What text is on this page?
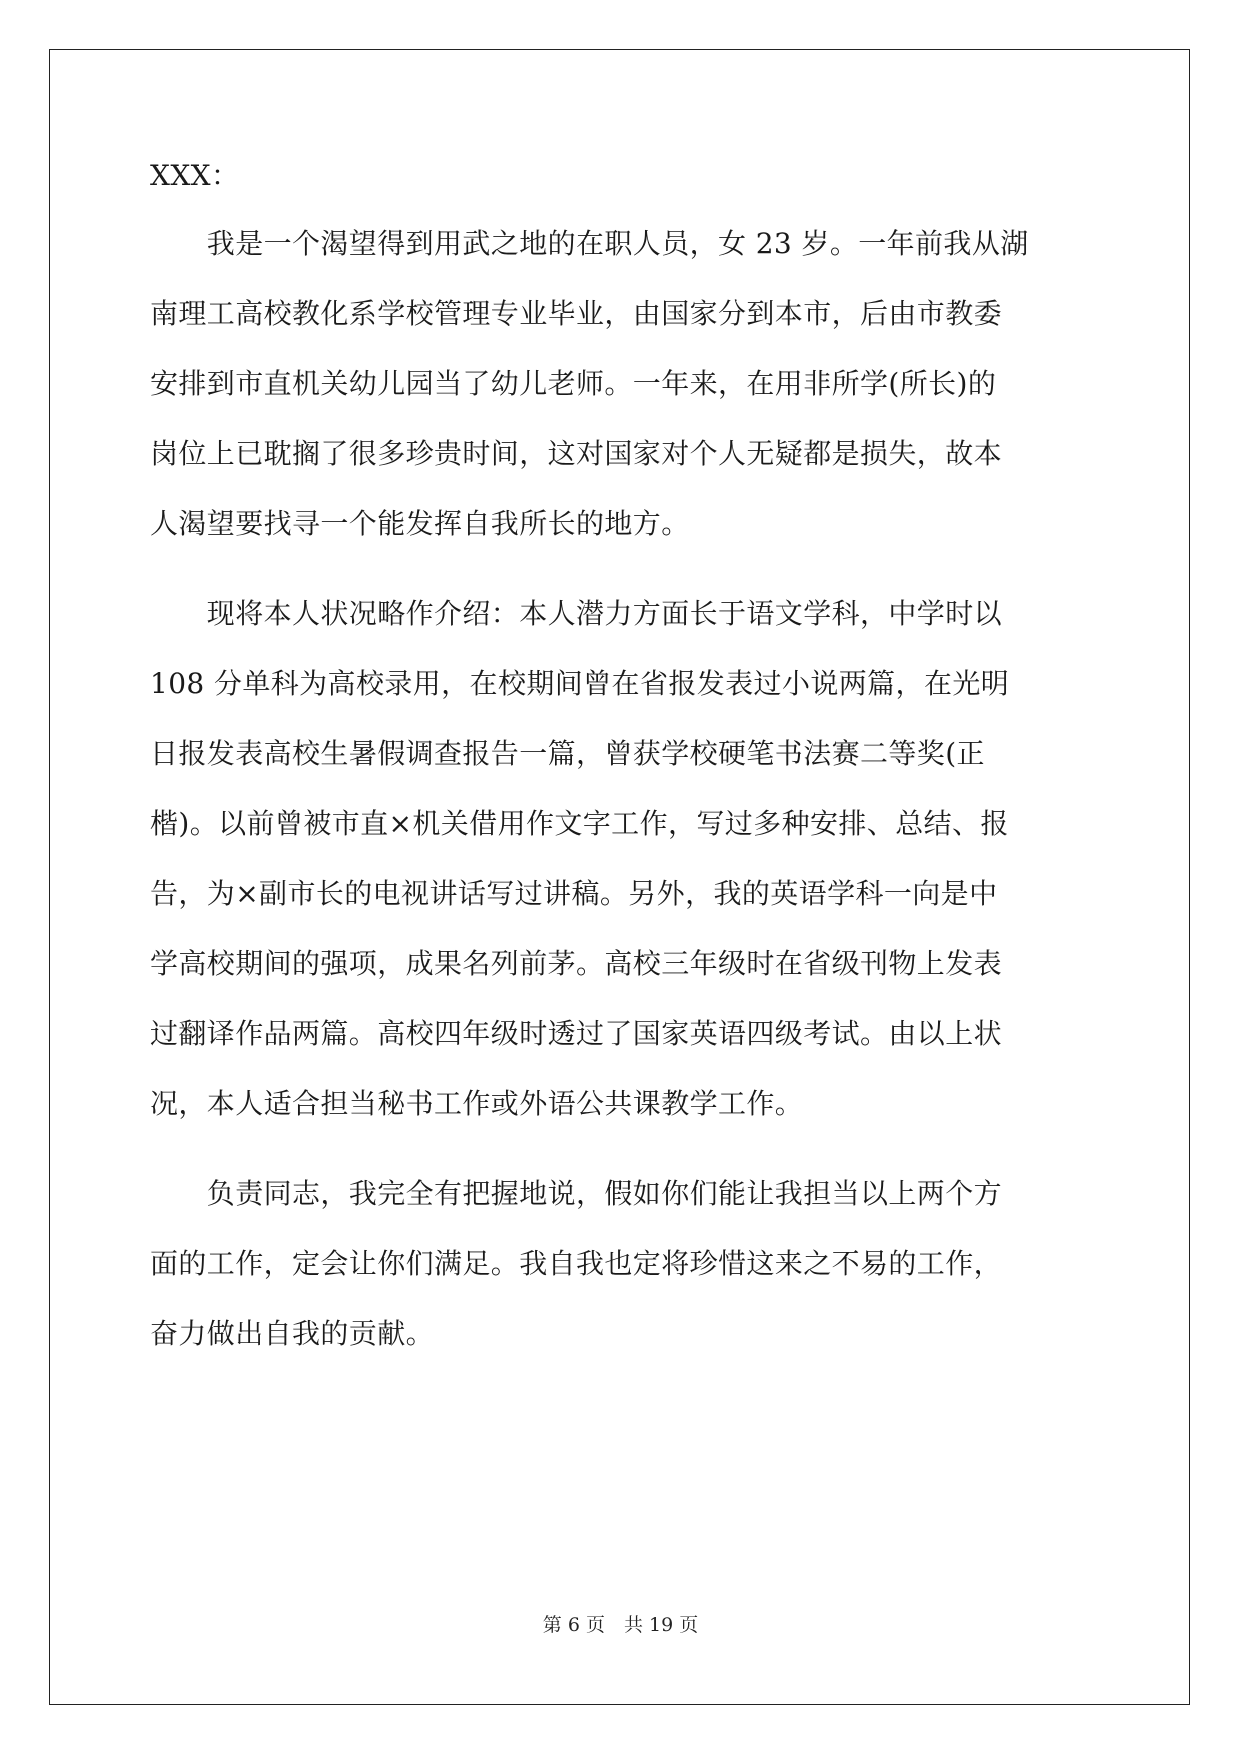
XXX：

　　我是一个渴望得到用武之地的在职人员，女 23 岁。一年前我从湖

南理工高校教化系学校管理专业毕业，由国家分到本市，后由市教委

安排到市直机关幼儿园当了幼儿老师。一年来，在用非所学(所长)的

岗位上已耽搁了很多珍贵时间，这对国家对个人无疑都是损失，故本

人渴望要找寻一个能发挥自我所长的地方。

　　现将本人状况略作介绍：本人潜力方面长于语文学科，中学时以

108 分单科为高校录用，在校期间曾在省报发表过小说两篇，在光明

日报发表高校生暑假调查报告一篇，曾获学校硬笔书法赛二等奖(正

楷)。以前曾被市直×机关借用作文字工作，写过多种安排、总结、报

告，为×副市长的电视讲话写过讲稿。另外，我的英语学科一向是中

学高校期间的强项，成果名列前茅。高校三年级时在省级刊物上发表

过翻译作品两篇。高校四年级时透过了国家英语四级考试。由以上状

况，本人适合担当秘书工作或外语公共课教学工作。

　　负责同志，我完全有把握地说，假如你们能让我担当以上两个方

面的工作，定会让你们满足。我自我也定将珍惜这来之不易的工作，

奋力做出自我的贡献。

第 6 页　共 19 页
